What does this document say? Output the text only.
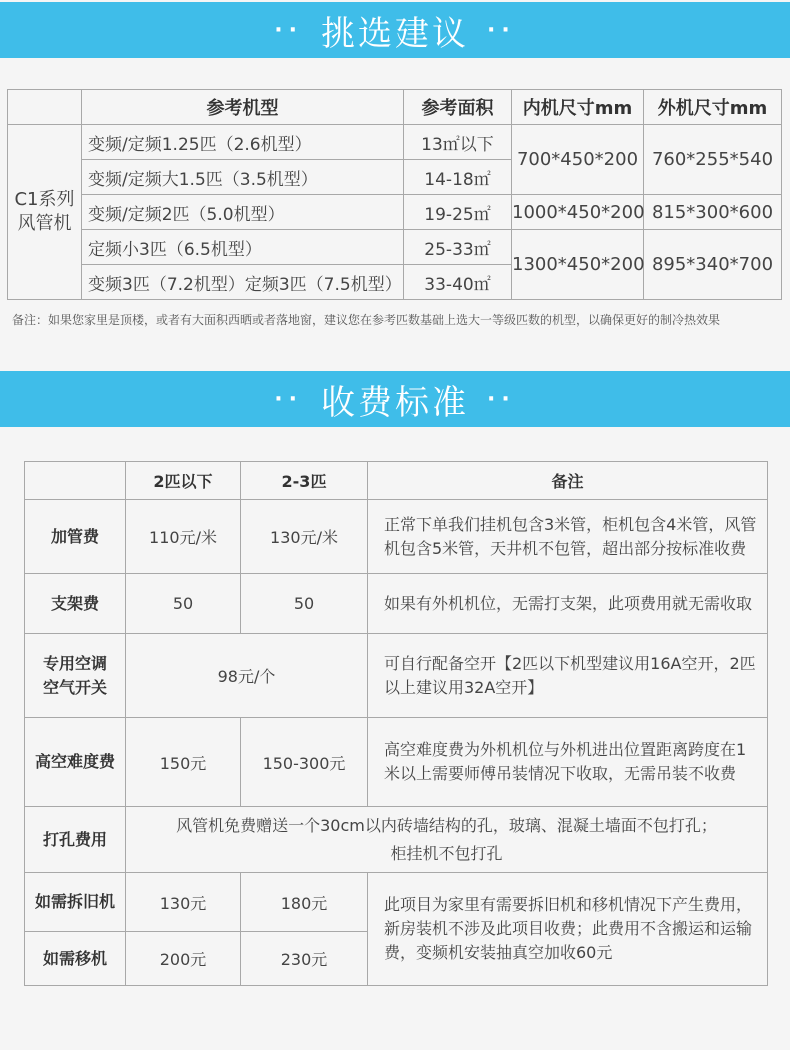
·· 挑选建议 ··
	参考机型	参考面积	内机尺寸mm	外机尺寸mm
C1系列
风管机	变频/定频1.25匹（2.6机型）	13㎡以下	700*450*200	760*255*540
	变频/定频大1.5匹（3.5机型）	14-18㎡		
	变频/定频2匹（5.0机型）	19-25㎡	1000*450*200	815*300*600
	定频小3匹（6.5机型）	25-33㎡	1300*450*200	895*340*700
	变频3匹（7.2机型）定频3匹（7.5机型）	33-40㎡		
备注：如果您家里是顶楼，或者有大面积西晒或者落地窗，建议您在参考匹数基础上选大一等级匹数的机型，以确保更好的制冷热效果
·· 收费标准 ··
	2匹以下	2-3匹	备注
加管费	110元/米	130元/米	正常下单我们挂机包含3米管，柜机包含4米管，风管机包含5米管，天井机不包管，超出部分按标准收费
支架费	50	50	如果有外机机位，无需打支架，此项费用就无需收取
专用空调
空气开关	98元/个		可自行配备空开【2匹以下机型建议用16A空开，2匹以上建议用32A空开】
高空难度费	150元	150-300元	高空难度费为外机机位与外机进出位置距离跨度在1米以上需要师傅吊装情况下收取，无需吊装不收费
打孔费用	风管机免费赠送一个30cm以内砖墙结构的孔，玻璃、混凝土墙面不包打孔；
柜挂机不包打孔		
如需拆旧机	130元	180元	此项目为家里有需要拆旧机和移机情况下产生费用，新房装机不涉及此项目收费；此费用不含搬运和运输费，变频机安装抽真空加收60元
如需移机	200元	230元	
